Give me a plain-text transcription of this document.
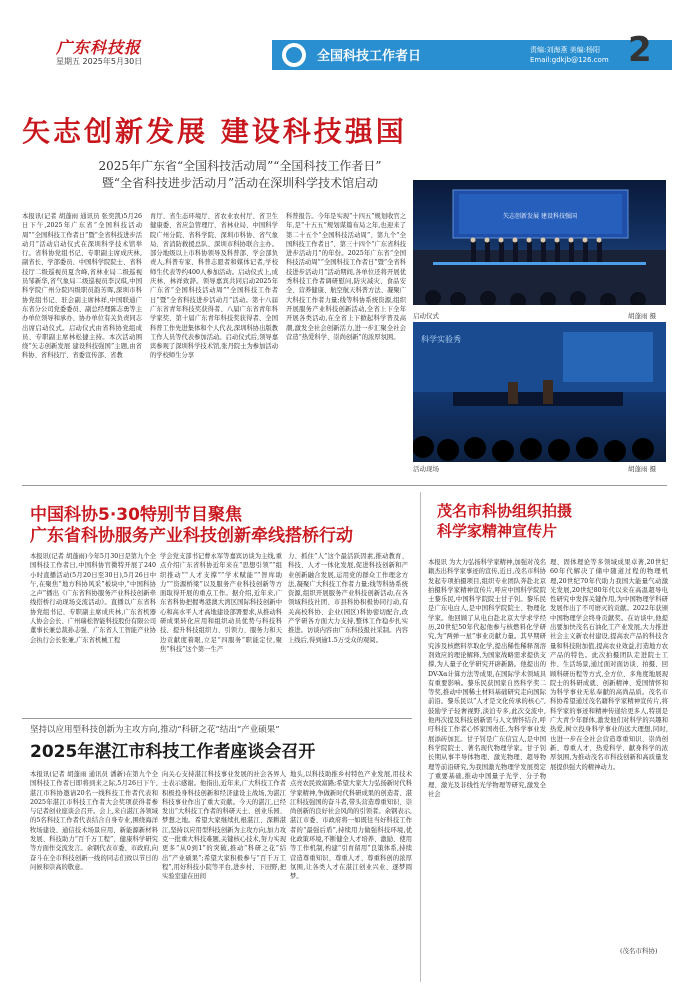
广东科技报
星期五 2025年5月30日	全国科技工作者日	责编:刘海燕 美编:杨阳
Email:gdkjb@126.com 2
矢志创新发展 建设科技强国
2025年广东省“全国科技活动周”“全国科技工作者日”
暨“全省科技进步活动月”活动在深圳科学技术馆启动
本报讯(记者 胡蓬雨 通讯员 张奕凯)5月26日下午,2025年广东省“全国科技活动周”“全国科技工作者日”暨“全省科技进步活动月”活动启动仪式在深圳科学技术馆举行。省科协党组书记、专职副主席成庆林,副省长、学部委员、中国科学院院士、省科技厅二级巡视员夏含峰,省林业局二级巡视员邹新华,省气象局二级巡视员李汉琪,中国科学院广州分院四级职员韵芳晖,深圳市科协党组书记、驻会副主席林祥,中国联通广东省分公司党委委员、副总经理陈志勇等主办单位领导和承办、协办单位有关负责同志出席启动仪式。启动仪式由省科协党组成员、专职副主席林松捷主持。本次活动围绕“矢志创新发展 建设科技强国”主题,由省科协、省科技厅、省委宣传部、省教
育厅、省生态环境厅、省农业农村厅、省卫生健康委、省应急管理厅、省林业局、中国科学院广州分院、省科学院、深圳市科协、省气象局、省消防救援总队、深圳市科协联合主办。部分地级以上市科协领导及科普部、学会部负责人,科普专家、科普志愿者和媒体记者,学校师生代表等约400人参加活动。启动仪式上,成庆林、林祥致辞。领导嘉宾共同启动2025年广东省“全国科技活动周”“全国科技工作者日”暨“全省科技进步活动月”活动。第十八届广东省青年科技奖获得者、八届广东省青年科学家奖、第十届广东青年科技奖获得者、全国科普工作先进集体和个人代表,深圳科协出版教工作人员等代表参加活动。启动仪式后,领导嘉宾参观了深圳科学技术馆,张丹院士为参加活动的学校师生分享
科普报告。今年是实现“十四五”规划收官之年,是“十五五”规划谋篇布局之年,也迎来了第二十五个“全国科技活动周”、第九个“全国科技工作者日”、第三十四个“广东省科技进步活动月”的年份。2025年广东省“全国科技活动周”“全国科技工作者日”暨“全省科技进步活动月”活动期间,各单位还将开展优秀科技工作者调研慰问,防灾减灾、食品安全、营养健康、航空航天科普方法、凝聚广大科技工作者力量;线等科协系统资源,组织开展服务产业科技创新活动,全省上下全年开展各类活动,在全省上下掀起科学普及高潮,激发全社会创新活力,进一步汇聚全社会营造“热爱科学、崇尚创新”的浓厚氛围。
矢志创新发展 建设科技强国
启动仪式	胡蓬雨 摄
科学实验秀
活动现场	胡蓬雨 摄
中国科协5·30特别节目聚焦
广东省科协服务产业科技创新牵线搭桥行动
本报讯(记者 胡蓬雨)今年5月30日是第九个全国科技工作者日,中国科协官微特开展了240小时直播活动(5月20日至30日),5月26日中午,在聚焦“地方科协风采”板块中,“中国科协之声”播出《广东省科协服务产业科技创新牵线搭桥行动现场交流活动》。直播以广东省科协党组书记、专职副主席成庆林,广东省机器人协会会长、广州瑞松智能科技股份有限公司董事长兼总裁孙志强、广东省人工智能产业协会执行会长张兼,广东省机械工程
学会党支部书记曹永军等嘉宾访谈为主线,重点介绍广东省科协近年来在“思想引领”“组织推动”“人才支撑”“学术赋能”“智库助力”“资源桥梁”以及服务产业科技创新等方面取得开展的重点工作。据介绍,近年来,广东省科协把握粤港澳大湾区国际科技创新中心和高水平人才高地建设部署要求,从推动科研成果转化应用和组织动员优势与科技科技、提升科技组织力、引领力、服务力和天边贡献度着眼,立足“四服务”职能定位,聚焦“科技”这个第一生产
力、抓住“人”这个最活跃因素,推动教育、科技、人才一体化发展,促进科技创新和产业创新融合发展,运用党的群众工作理念方法,凝聚广大科技工作者力量;线等科协系统资源,组织开展服务产业科技创新活动,在各领域科技社团、市县科协积极协同行动,有关高校科协、企业(园区)科协密切配合,改产学研各方面大力支持,整体工作稳步扎实推进。访谈内容由广东科技报社采制。内容上线后,得到逾1.5万受众的观阅。
茂名市科协组织拍摄
科学家精神宣传片
本报讯 为大力弘扬科学家精神,加强对茂名籍杰出科学家事迹的宣传,近日,茂名市科协发起专项拍摄项目,组织专业团队奔赴北京拍摄科学家精神宣传片,呼应中国科学院院士黎乐民,中国科学院院士甘子钊。黎乐民是广东电白人,是中国科学院院士、物理化学家。他回顾了从电白赴北京大学求学经历,20世纪50年代起他参与核燃料化学研究,为“两弹一星”事业贡献力量。其早期研究涉及核燃料萃取化学,提出稀性稀释剂溶剂效应的理论解释,为国家战略需求提供支撑,为人量子化学研究开辟新路。他提出的DV-Xα计算方法等成果,在国际学术领域具有重要影响。黎乐民获国家自然科学奖二等奖,推动中国稀土材料基础研究走向国际前沿。黎乐民以“人才是文化传承的核心”,鼓励学子轻奢视野,淡泊专多,此次交流中,他再次提及科技创新需与人文情怀结合,呼吁科技工作者心怀家国责任,为科学事业发展添砖加瓦。甘子钊是广东信宜人,是中国科学院院士、著名现代物理学家。甘子钊长期从事半导体物理、激光物理、超导物理等前沿研究,为我国激光物理学发展奠定了重要基础,推动中国量子光学、分子物理、激光及非线性光学物理等研究,激发全社会
理、固体理论等多领域成果卓著,20世纪60年代解决了储中随道过程的物理机理,20世纪70年代助力我国大能量气动激光发展,20世纪80年代以来在高温超导电性研究中发挥关键作用,为中国物理学科研发展作出了不可磨灭的贡献。2022年获颁中国物理学会终身贡献奖。在访谈中,他提出要加快茂名石油化工产业发展,大力推进社会主义新农村建设,提高农产品的科技含量和科技附加值,提高农业效益,打造地方农产品的特色。此次拍摄团队走进院士工作、生活场景,通过面对面访谈、拍摄、回顾科研历程等方式,全方位、多角度地展现院士的科研成就、创新精神、爱国情怀和为科学事业无私奉献的高尚品质。茂名市科协希望通过茂名籍科学家精神宣传片,将科学家的事迹和精神传递给更多人,特别是广大青少年群体,激发他们对科学的兴趣和热爱,树立投身科学事业的远大理想,同时,也进一步在全社会营造尊重知识、崇尚创新、尊重人才、热爱科学、献身科学的浓厚氛围,为推动茂名市科技创新和高质量发展提供强大的精神动力。
(茂名市科协)
坚持以应用型科技创新为主攻方向,推动“科研之花”结出“产业硕果”
2025年湛江市科技工作者座谈会召开
本报讯(记者 胡蓬雨 通讯员 潘新)在第九个全国科技工作者日即将到来之际,5月26日下午,湛江市科协邀请20名一线科技工作者代表和2025年湛江市科技工作者大会奖项获得者参与记者创业座谈会召开。会上,来自湛江各领域的5名科技工作者代表结合自身专业,围绕海洋牧场建设、通信技术场景应用、新能源新材料发展、科技助力“百千万工程”、健康科学研究等方面作交流发言。余钢代表市委、市政府,向奋斗在全市科技创新一线的同志们致以节日的问候和崇高的敬意。
向关心支持湛江科技事业发展的社会各界人士表示感谢。他指出,近年来,广大科技工作者积极投身科技创新和经济建设主战场,为湛江科技事业作出了重大贡献。今天的湛江,已经发出“大科技工作者的科研天土、创业乐园、梦想之地。希望大家继续扎根湛江、深耕湛江,坚持以应用型科技创新为主攻方向,加力攻克一批重大科技难题,关键核心技术,努力实现更多“从0到1”的突破,推动“科研之花”结出“产业硕果”;希望大家积极参与“百千万工程”,用好科技小院等平台,进乡村、下田野,把实验室建在田间
地头,以科技助推乡村特色产业发展,用技术点亮农民致富路;希望大家大力弘扬新时代科学家精神,争做新时代科研成果的创造者、湛江科技强国的奋斗者,带头营造尊重知识、崇尚创新的良好社会风尚的引领者。余钢表示,湛江市委、市政府将一如既往当好科技工作者的“最强后盾”,持续用力做强科技环境,优化政策环境,不断健全人才培养、激励、使用等工作机制,构建“引育留用”良策体系,持续营造尊重知识、尊重人才、尊重科创的浓厚氛围,让各类人才在湛江创业兴业、逐梦圆梦。
